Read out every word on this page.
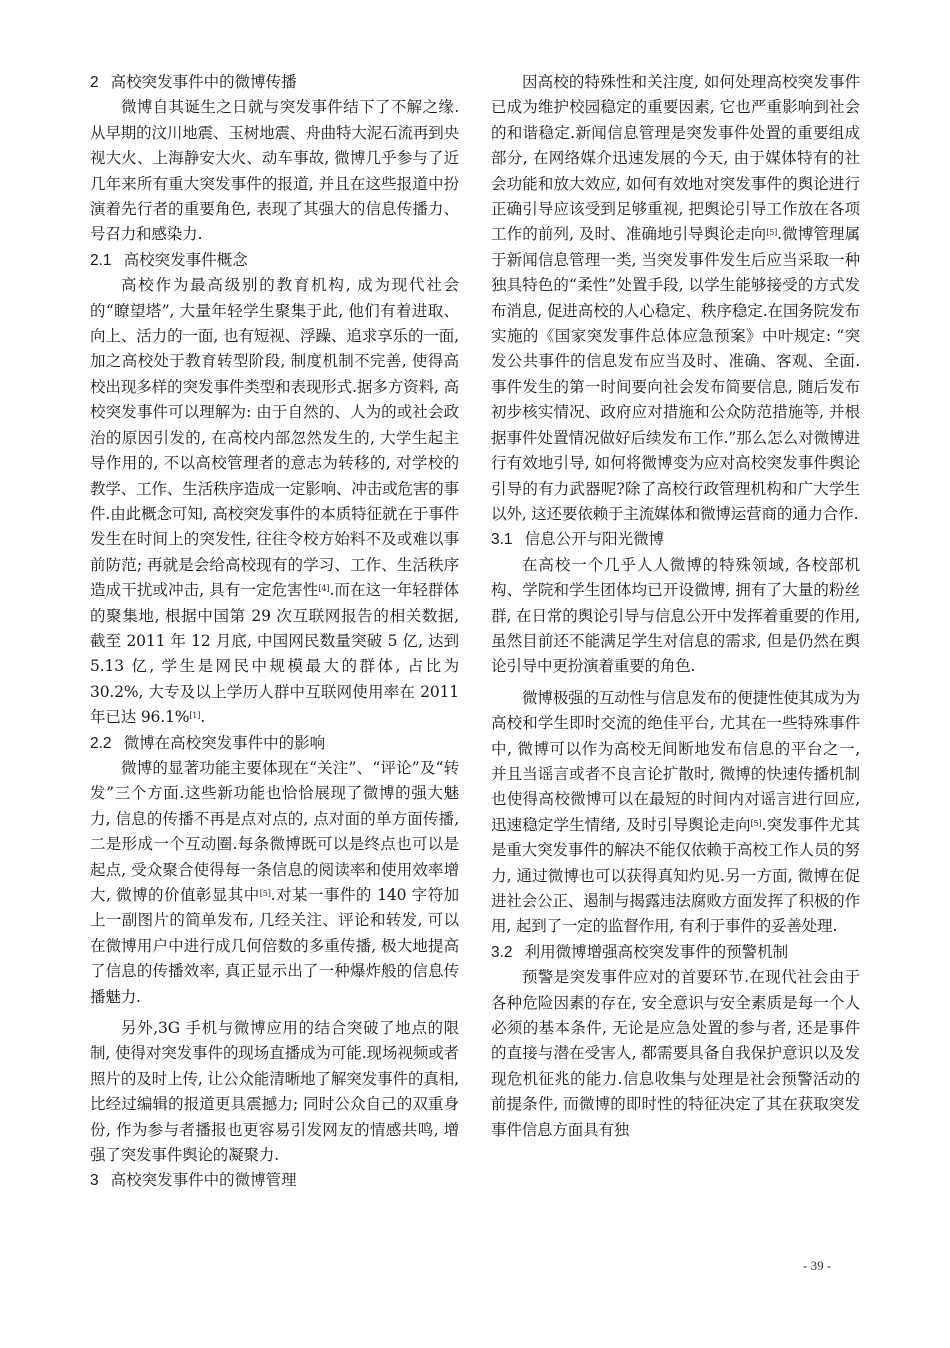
2 高校突发事件中的微博传播

微博自其诞生之日就与突发事件结下了不解之缘.从早期的汶川地震、玉树地震、舟曲特大泥石流再到央视大火、上海静安大火、动车事故, 微博几乎参与了近几年来所有重大突发事件的报道, 并且在这些报道中扮演着先行者的重要角色, 表现了其强大的信息传播力、号召力和感染力.

2.1 高校突发事件概念

高校作为最高级别的教育机构, 成为现代社会的“瞭望塔”, 大量年轻学生聚集于此, 他们有着进取、向上、活力的一面, 也有短视、浮躁、追求享乐的一面, 加之高校处于教育转型阶段, 制度机制不完善, 使得高校出现多样的突发事件类型和表现形式.据多方资料, 高校突发事件可以理解为: 由于自然的、人为的或社会政治的原因引发的, 在高校内部忽然发生的, 大学生起主导作用的, 不以高校管理者的意志为转移的, 对学校的教学、工作、生活秩序造成一定影响、冲击或危害的事件.由此概念可知, 高校突发事件的本质特征就在于事件发生在时间上的突发性, 往往令校方始料不及或难以事前防范; 再就是会给高校现有的学习、工作、生活秩序造成干扰或冲击, 具有一定危害性[4].而在这一年轻群体的聚集地, 根据中国第 29 次互联网报告的相关数据, 截至 2011 年 12 月底, 中国网民数量突破 5 亿, 达到 5.13 亿, 学生是网民中规模最大的群体, 占比为 30.2%, 大专及以上学历人群中互联网使用率在 2011 年已达 96.1%[1].

2.2 微博在高校突发事件中的影响

微博的显著功能主要体现在“关注”、“评论”及“转发”三个方面.这些新功能也恰恰展现了微博的强大魅力, 信息的传播不再是点对点的, 点对面的单方面传播, 二是形成一个互动圈.每条微博既可以是终点也可以是起点, 受众聚合使得每一条信息的阅读率和使用效率增大, 微博的价值彰显其中[5].对某一事件的 140 字符加上一副图片的简单发布, 几经关注、评论和转发, 可以在微博用户中进行成几何倍数的多重传播, 极大地提高了信息的传播效率, 真正显示出了一种爆炸般的信息传播魅力.

另外,3G 手机与微博应用的结合突破了地点的限制, 使得对突发事件的现场直播成为可能.现场视频或者照片的及时上传, 让公众能清晰地了解突发事件的真相, 比经过编辑的报道更具震撼力; 同时公众自己的双重身份, 作为参与者播报也更容易引发网友的情感共鸣, 增强了突发事件舆论的凝聚力.

3 高校突发事件中的微博管理

因高校的特殊性和关注度, 如何处理高校突发事件已成为维护校园稳定的重要因素, 它也严重影响到社会的和谐稳定.新闻信息管理是突发事件处置的重要组成部分, 在网络媒介迅速发展的今天, 由于媒体特有的社会功能和放大效应, 如何有效地对突发事件的舆论进行正确引导应该受到足够重视, 把舆论引导工作放在各项工作的前列, 及时、准确地引导舆论走向[5].微博管理属于新闻信息管理一类, 当突发事件发生后应当采取一种独具特色的“柔性”处置手段, 以学生能够接受的方式发布消息, 促进高校的人心稳定、秩序稳定.在国务院发布实施的《国家突发事件总体应急预案》中叶规定: “突发公共事件的信息发布应当及时、准确、客观、全面. 事件发生的第一时间要向社会发布简要信息, 随后发布初步核实情况、政府应对措施和公众防范措施等, 并根据事件处置情况做好后续发布工作.”那么怎么对微博进行有效地引导, 如何将微博变为应对高校突发事件舆论引导的有力武器呢?除了高校行政管理机构和广大学生以外, 这还要依赖于主流媒体和微博运营商的通力合作.

3.1 信息公开与阳光微博

在高校一个几乎人人微博的特殊领域, 各校部机构、学院和学生团体均已开设微博, 拥有了大量的粉丝群, 在日常的舆论引导与信息公开中发挥着重要的作用, 虽然目前还不能满足学生对信息的需求, 但是仍然在舆论引导中更扮演着重要的角色.

微博极强的互动性与信息发布的便捷性使其成为为高校和学生即时交流的绝佳平台, 尤其在一些特殊事件中, 微博可以作为高校无间断地发布信息的平台之一, 并且当谣言或者不良言论扩散时, 微博的快速传播机制也使得高校微博可以在最短的时间内对谣言进行回应, 迅速稳定学生情绪, 及时引导舆论走向[5].突发事件尤其是重大突发事件的解决不能仅依赖于高校工作人员的努力, 通过微博也可以获得真知灼见.另一方面, 微博在促进社会公正、遏制与揭露违法腐败方面发挥了积极的作用, 起到了一定的监督作用, 有利于事件的妥善处理.

3.2 利用微博增强高校突发事件的预警机制

预警是突发事件应对的首要环节.在现代社会由于各种危险因素的存在, 安全意识与安全素质是每一个人必须的基本条件, 无论是应急处置的参与者, 还是事件的直接与潜在受害人, 都需要具备自我保护意识以及发现危机征兆的能力.信息收集与处理是社会预警活动的前提条件, 而微博的即时性的特征决定了其在获取突发事件信息方面具有独

- 39 -
